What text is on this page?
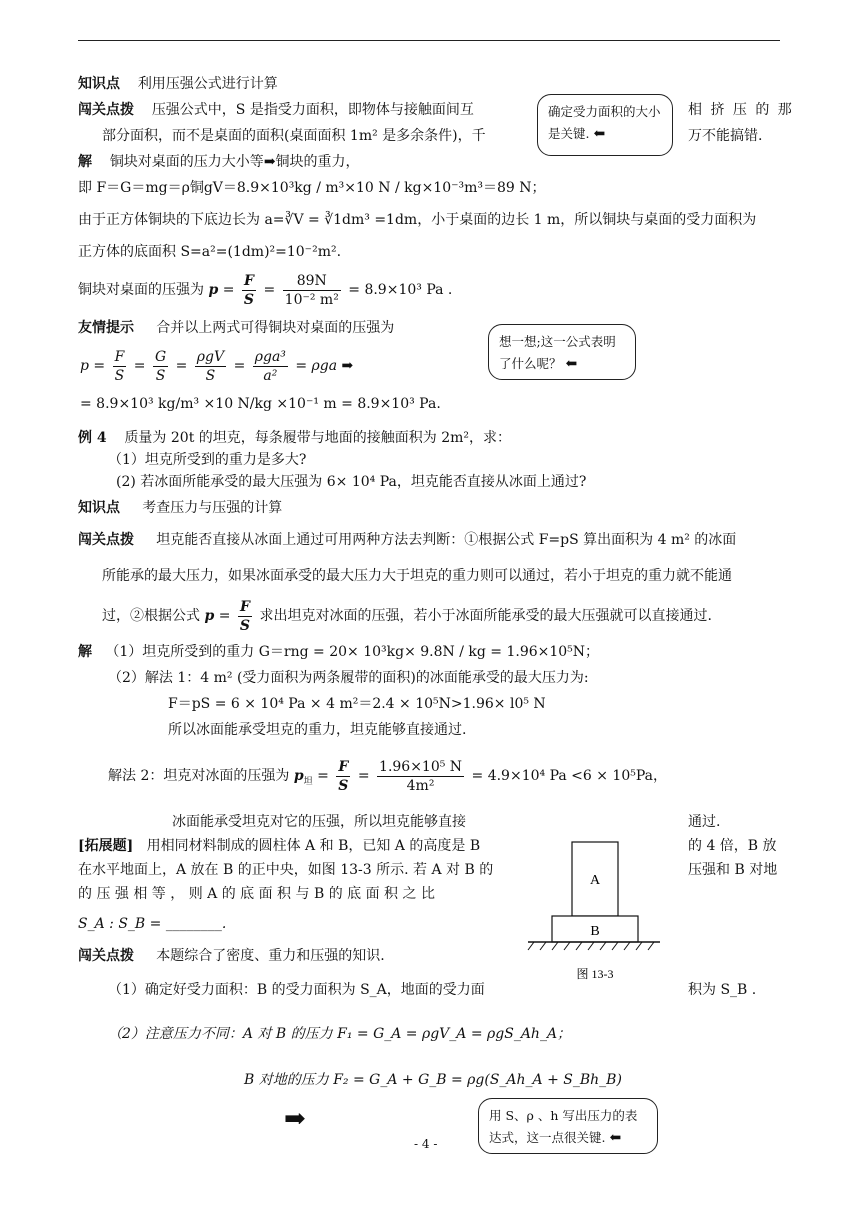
知识点 利用压强公式进行计算
闯关点拨 压强公式中，S 是指受力面积，即物体与接触面间互	相 挤 压 的 那
部分面积，而不是桌面的面积(桌面面积 1m² 是多余条件)，千	万不能搞错.
确定受力面积的大小是关键. ⬅
解 铜块对桌面的压力大小等➡铜块的重力，
即 F＝G＝mg＝ρ铜gV＝8.9×10³kg / m³×10 N / kg×10⁻³m³＝89 N；
由于正方体铜块的下底边长为 a=∛V = ∛1dm³ =1dm，小于桌面的边长 1 m，所以铜块与桌面的受力面积为
正方体的底面积 S=a²=(1dm)²=10⁻²m².
铜块对桌面的压强为 $p = \frac{F}{S} = \frac{89N}{\text{10⁻² m²}} = 8.9\times 10^3$ Pa .
友情提示 合并以上两式可得铜块对桌面的压强为
$p = \frac{F}{S} = \frac{G}{S} = \frac{\text{ρgV}}{S} = \frac{\text{ρga³}}{\text{a²}} = \rho ga$ ➡
= 8.9×10³ kg/m³ ×10 N/kg ×10⁻¹ m = 8.9×10³ Pa.
想一想;这一公式表明了什么呢？ ⬅
例 4 质量为 20t 的坦克，每条履带与地面的接触面积为 2m²，求：
（1）坦克所受到的重力是多大?
(2) 若冰面所能承受的最大压强为 6× 10⁴ Pa，坦克能否直接从冰面上通过?
知识点 考查压力与压强的计算
闯关点拨 坦克能否直接从冰面上通过可用两种方法去判断：①根据公式 F=pS 算出面积为 4 m² 的冰面
所能承的最大压力，如果冰面承受的最大压力大于坦克的重力则可以通过，若小于坦克的重力就不能通
过，②根据公式 $p = \frac{F}{S}$ 求出坦克对冰面的压强，若小于冰面所能承受的最大压强就可以直接通过.
解 （1）坦克所受到的重力 G＝rng = 20× 10³kg× 9.8N / kg = 1.96×10⁵N；
（2）解法 1：4 m² (受力面积为两条履带的面积)的冰面能承受的最大压力为:
F＝pS = 6 × 10⁴ Pa × 4 m²＝2.4 × 10⁵N>1.96× l0⁵ N
所以冰面能承受坦克的重力，坦克能够直接通过.
解法 2：坦克对冰面的压强为 $p_坦 = \frac{F}{S} = \frac{\text{1.96×10⁵ N}}{\text{4m²}} = 4.9\times 10^4$ Pa <6 × 10⁵Pa，
冰面能承受坦克对它的压强，所以坦克能够直接	通过.
[拓展题] 用相同材料制成的圆柱体 A 和 B，已知 A 的高度是 B	的 4 倍，B 放
在水平地面上，A 放在 B 的正中央，如图 13-3 所示. 若 A 对 B 的	压强和 B 对地
的 压 强 相 等 ， 则 A 的 底 面 积 与 B 的 底 面 积 之 比
S_A : S_B = ________.
A
B
图 13-3
闯关点拨 本题综合了密度、重力和压强的知识.
（1）确定好受力面积：B 的受力面积为 S_A，地面的受力面	积为 S_B .
（2）注意压力不同：A 对 B 的压力 F₁ = G_A = ρgV_A = ρgS_Ah_A；
B 对地的压力 F₂ = G_A + G_B = ρg(S_Ah_A + S_Bh_B)
➡	用 S、ρ 、h 写出压力的表达式，这一点很关键. ⬅
- 4 -
